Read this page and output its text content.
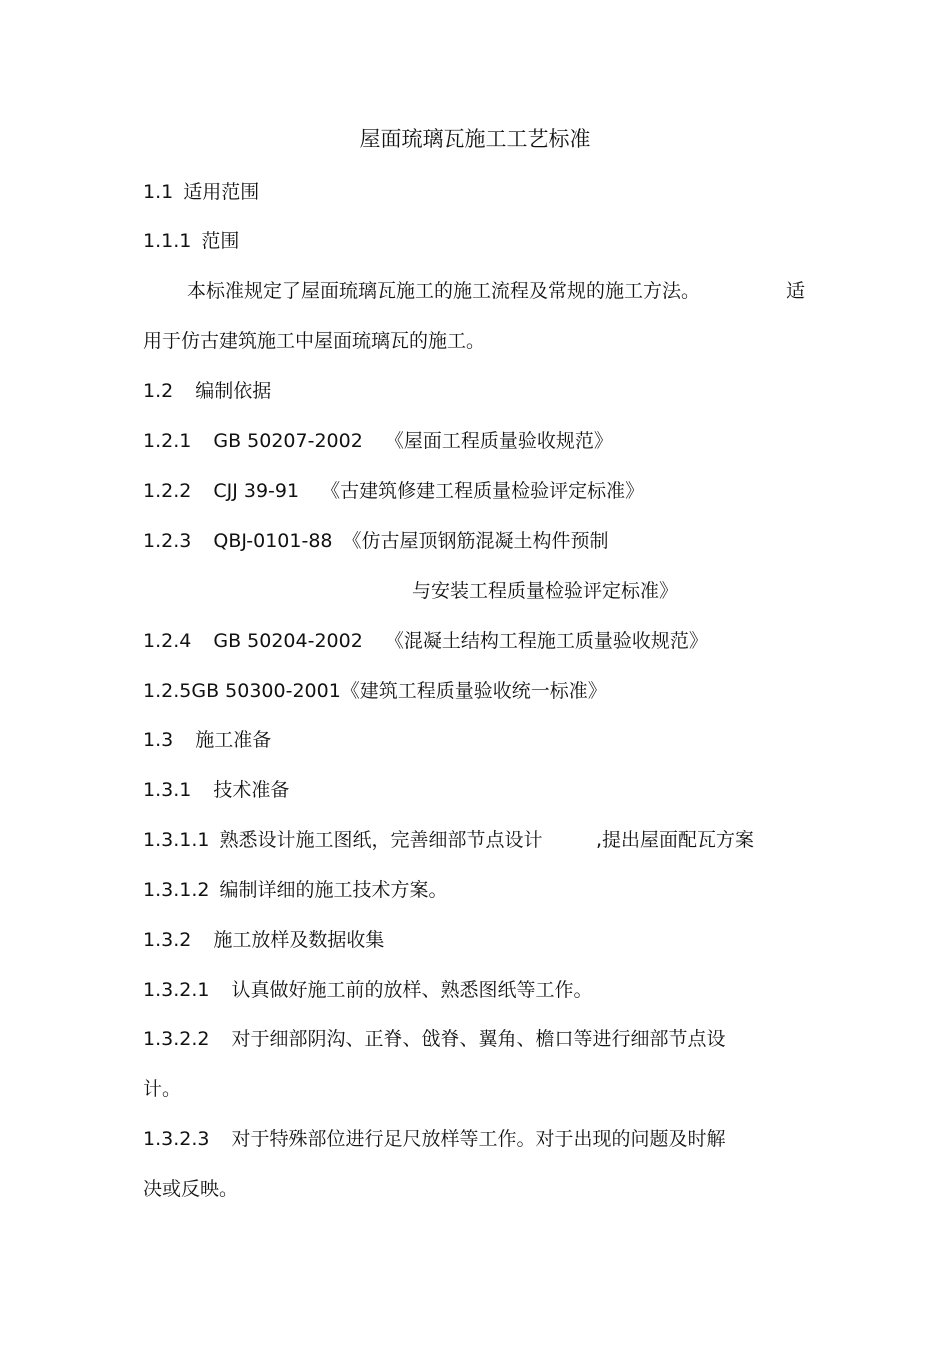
屋面琉璃瓦施工工艺标准
1.1 适用范围
1.1.1 范围
本标准规定了屋面琉璃瓦施工的施工流程及常规的施工方法。	适
用于仿古建筑施工中屋面琉璃瓦的施工。
1.2 编制依据
1.2.1 GB 50207-2002 《屋面工程质量验收规范》
1.2.2 CJJ 39-91 《古建筑修建工程质量检验评定标准》
1.2.3 QBJ-0101-88 《仿古屋顶钢筋混凝土构件预制
与安装工程质量检验评定标准》
1.2.4 GB 50204-2002 《混凝土结构工程施工质量验收规范》
1.2.5GB 50300-2001《建筑工程质量验收统一标准》
1.3 施工准备
1.3.1 技术准备
1.3.1.1 熟悉设计施工图纸，完善细部节点设计	,提出屋面配瓦方案
1.3.1.2 编制详细的施工技术方案。
1.3.2 施工放样及数据收集
1.3.2.1 认真做好施工前的放样、熟悉图纸等工作。
1.3.2.2 对于细部阴沟、正脊、戗脊、翼角、檐口等进行细部节点设
计。
1.3.2.3 对于特殊部位进行足尺放样等工作。对于出现的问题及时解
决或反映。
